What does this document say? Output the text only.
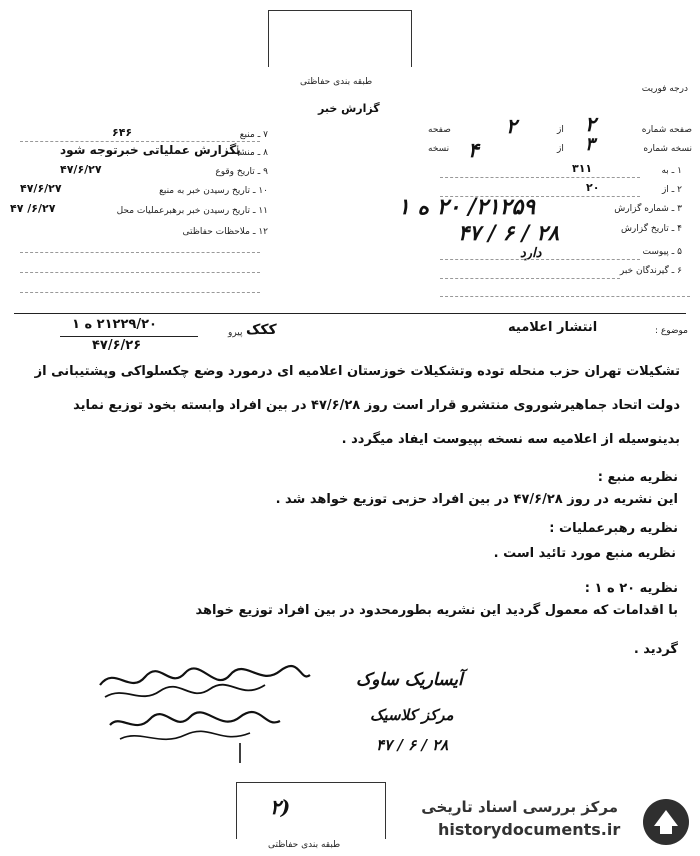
طبقه بندی حفاظتی
درجه فوریت
گزارش خبر
صفحه شماره
۲
از
۲
صفحه
نسخه شماره
۳
از
۴
نسخه
۱ ـ به
۳۱۱
۲ ـ از
۲۰
۳ ـ شماره گزارش
۲۱۲۵۹/ ۲۰ ه ۱
۴ ـ تاریخ گزارش
۲۸ / ۶ / ۴۷
۵ ـ پیوست
دارد
۶ ـ گیرندگان خبر
۷ ـ منبع
۶۴۶
۸ ـ منشأ
بگزارش عملیاتی خبرتوجه شود
۹ ـ تاریخ وقوع
۴۷/۶/۲۷
۱۰ ـ تاریخ رسیدن خبر به منبع
۴۷/۶/۲۷
۱۱ ـ تاریخ رسیدن خبر برهبرعملیات محل
۶/۲۷/ ۴۷
۱۲ ـ ملاحظات حفاظتی
موضوع :
انتشار اعلامیه
پیرو ککک
۲۱۲۲۹/۲۰ ه ۱
۴۷/۶/۲۶
تشکیلات تهران حزب منحله توده وتشکیلات خوزستان اعلامیه ای درمورد وضع چکسلواکی وپشتیبانی از
دولت اتحاد جماهیرشوروی منتشرو قرار است روز ۴۷/۶/۲۸ در بین افراد وابسته بخود توزیع نماید
بدینوسیله از اعلامیه سه نسخه بپیوست ایفاد میگردد .
نظریه منبع :
این نشریه در روز ۴۷/۶/۲۸ در بین افراد حزبی توزیع خواهد شد .
نظریه رهبرعملیات :
نظریه منبع مورد تائید است .
نظریه ۲۰ ه ۱ :
با اقدامات که معمول گردید این نشریه بطورمحدود در بین افراد توزیع خواهد
گردید .
آیساریک ساوک
مرکز کلاسیک
۲۸ / ۶ / ۴۷
(۲
طبقه بندی حفاظتی
مرکز بررسی اسناد تاریخی
historydocuments.ir
